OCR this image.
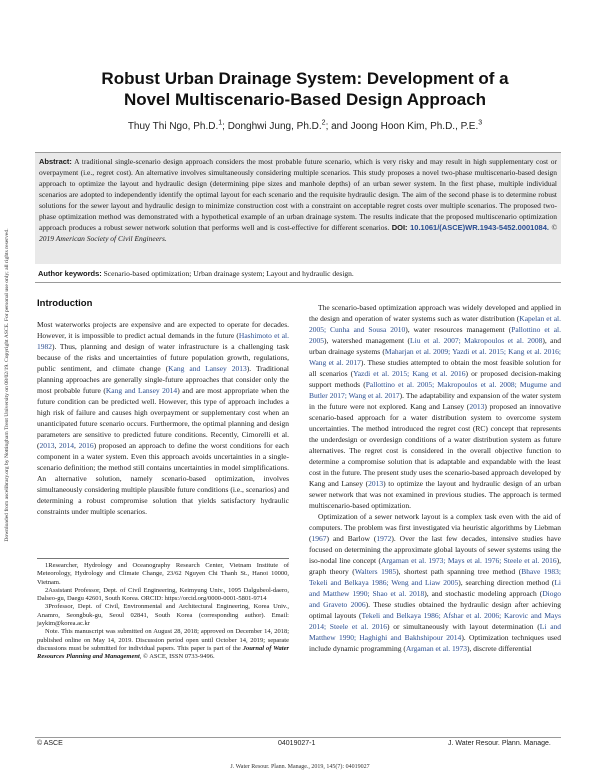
Downloaded from ascelibrary.org by Nottingham Trent University on 08/02/19. Copyright ASCE. For personal use only; all rights reserved.
Robust Urban Drainage System: Development of a
Novel Multiscenario-Based Design Approach
Thuy Thi Ngo, Ph.D.$^1$; Donghwi Jung, Ph.D.$^2$; and Joong Hoon Kim, Ph.D., P.E.$^3$

Abstract: A traditional single-scenario design approach considers the most probable future scenario, which is very risky and may result in high supplementary cost or overpayment (i.e., regret cost). An alternative involves simultaneously considering multiple scenarios. This study proposes a novel two-phase multiscenario-based design approach to optimize the layout and hydraulic design (determining pipe sizes and manhole depths) of an urban sewer system. In the first phase, multiple individual scenarios are adopted to independently identify the optimal layout for each scenario and the requisite hydraulic design. The aim of the second phase is to determine robust solutions for the sewer layout and hydraulic design to minimize construction cost with a constraint on acceptable regret costs over multiple scenarios. The proposed two-phase optimization method was demonstrated with a hypothetical example of an urban drainage system. The results indicate that the proposed multiscenario optimization approach produces a robust sewer network solution that performs well and is cost-effective for different scenarios. DOI: 10.1061/(ASCE)WR.1943-5452.0001084. © 2019 American Society of Civil Engineers.

Author keywords: Scenario-based optimization; Urban drainage system; Layout and hydraulic design.

Introduction

Most waterworks projects are expensive and are expected to operate for decades. However, it is impossible to predict actual demands in the future (Hashimoto et al. 1982). Thus, planning and design of water infrastructure is a challenging task because of the risks and uncertainties of future population growth, regulations, public sentiment, and climate change (Kang and Lansey 2013). Traditional planning approaches are generally single-future approaches that consider only the most probable future (Kang and Lansey 2014) and are most appropriate when the future condition can be predicted well. However, this type of approach includes a high risk of failure and causes high overpayment or supplementary cost when an unanticipated future scenario occurs. Furthermore, the optimal planning and design parameters are sensitive to predicted future conditions. Recently, Cimorelli et al. (2013, 2014, 2016) proposed an approach to define the worst conditions for each component in a water system. Even this approach avoids uncertainties in a single-scenario definition; the method still contains uncertainties in model simplifications. An alternative solution, namely scenario-based optimization, involves simultaneously considering multiple plausible future conditions (i.e., scenarios) and determining a robust compromise solution that yields satisfactory hydraulic constraints under multiple scenarios.

1Researcher, Hydrology and Oceanography Research Center, Vietnam Institute of Meteorology, Hydrology and Climate Change, 23/62 Nguyen Chi Thanh St., Hanoi 10000, Vietnam.

2Assistant Professor, Dept. of Civil Engineering, Keimyung Univ., 1095 Dalgubeol-daero, Dalseo-gu, Daegu 42601, South Korea. ORCID: https://orcid.org/0000-0001-5801-9714

3Professor, Dept. of Civil, Environmental and Architectural Engineering, Korea Univ., Anamro, Seongbuk-gu, Seoul 02841, South Korea (corresponding author). Email: jaykim@korea.ac.kr

Note. This manuscript was submitted on August 28, 2018; approved on December 14, 2018; published online on May 14, 2019. Discussion period open until October 14, 2019; separate discussions must be submitted for individual papers. This paper is part of the Journal of Water Resources Planning and Management, © ASCE, ISSN 0733-9496.

The scenario-based optimization approach was widely developed and applied in the design and operation of water systems such as water distribution (Kapelan et al. 2005; Cunha and Sousa 2010), water resources management (Pallottino et al. 2005), watershed management (Liu et al. 2007; Makropoulos et al. 2008), and urban drainage systems (Maharjan et al. 2009; Yazdi et al. 2015; Kang et al. 2016; Wang et al. 2017). These studies attempted to obtain the most feasible solution for all scenarios (Yazdi et al. 2015; Kang et al. 2016) or proposed decision-making support methods (Pallottino et al. 2005; Makropoulos et al. 2008; Mugume and Butler 2017; Wang et al. 2017). The adaptability and expansion of the water system in the future were not explored. Kang and Lansey (2013) proposed an innovative scenario-based approach for a water distribution system to overcome system uncertainties. The method introduced the regret cost (RC) concept that represents the underdesign or overdesign conditions of a water distribution system as future alternatives. The regret cost is considered in the overall objective function to determine a compromise solution that is adaptable and expandable with the least cost in the future. The present study uses the scenario-based approach developed by Kang and Lansey (2013) to optimize the layout and hydraulic design of an urban sewer network that was not examined in previous studies. The approach is termed multiscenario-based optimization.

Optimization of a sewer network layout is a complex task even with the aid of computers. The problem was first investigated via heuristic algorithms by Liebman (1967) and Barlow (1972). Over the last few decades, intensive studies have focused on determining the approximate global layouts of sewer systems using the iso-nodal line concept (Argaman et al. 1973; Mays et al. 1976; Steele et al. 2016), graph theory (Walters 1985), shortest path spanning tree method (Bhave 1983; Tekeli and Belkaya 1986; Weng and Liaw 2005), searching direction method (Li and Matthew 1990; Shao et al. 2018), and stochastic modeling approach (Diogo and Graveto 2006). These studies obtained the hydraulic design after achieving optimal layouts (Tekeli and Belkaya 1986; Afshar et al. 2006; Karovic and Mays 2014; Steele et al. 2016) or simultaneously with layout determination (Li and Matthew 1990; Haghighi and Bakhshipour 2014). Optimization techniques used include dynamic programming (Argaman et al. 1973), discrete differential

© ASCE	04019027-1	J. Water Resour. Plann. Manage.
J. Water Resour. Plann. Manage., 2019, 145(7): 04019027
